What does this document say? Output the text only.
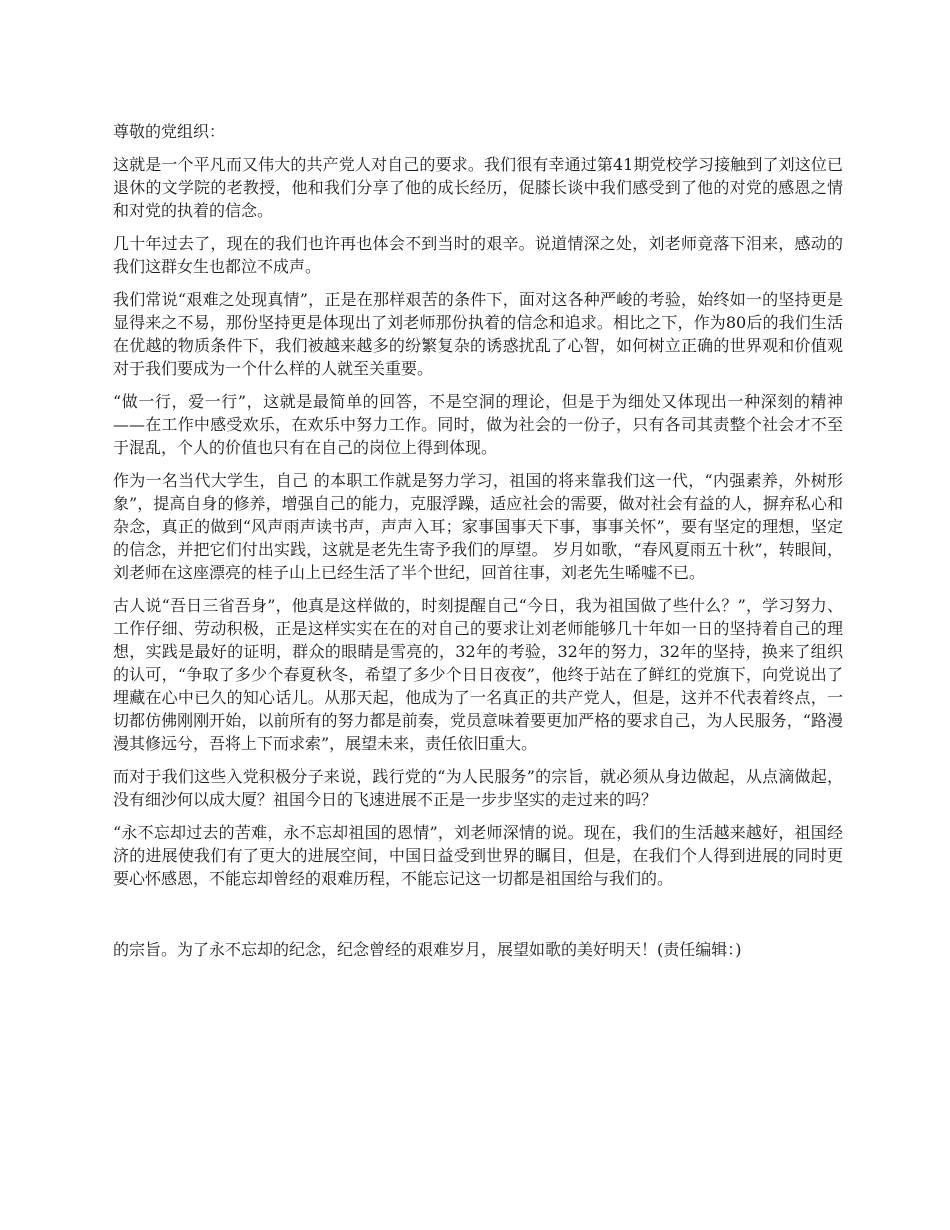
尊敬的党组织：

这就是一个平凡而又伟大的共产党人对自己的要求。我们很有幸通过第41期党校学习接触到了刘这位已退休的文学院的老教授，他和我们分享了他的成长经历，促膝长谈中我们感受到了他的对党的感恩之情和对党的执着的信念。

几十年过去了，现在的我们也许再也体会不到当时的艰辛。说道情深之处，刘老师竟落下泪来，感动的我们这群女生也都泣不成声。

我们常说“艰难之处现真情”，正是在那样艰苦的条件下，面对这各种严峻的考验，始终如一的坚持更是显得来之不易，那份坚持更是体现出了刘老师那份执着的信念和追求。相比之下，作为80后的我们生活在优越的物质条件下，我们被越来越多的纷繁复杂的诱惑扰乱了心智，如何树立正确的世界观和价值观对于我们要成为一个什么样的人就至关重要。

“做一行，爱一行”，这就是最简单的回答，不是空洞的理论，但是于为细处又体现出一种深刻的精神——在工作中感受欢乐，在欢乐中努力工作。同时，做为社会的一份子，只有各司其责整个社会才不至于混乱，个人的价值也只有在自己的岗位上得到体现。

作为一名当代大学生，自己 的本职工作就是努力学习，祖国的将来靠我们这一代，“内强素养，外树形象”，提高自身的修养，增强自己的能力，克服浮躁，适应社会的需要，做对社会有益的人，摒弃私心和杂念，真正的做到“风声雨声读书声，声声入耳；家事国事天下事，事事关怀”，要有坚定的理想，坚定的信念，并把它们付出实践，这就是老先生寄予我们的厚望。 岁月如歌，“春风夏雨五十秋”，转眼间，刘老师在这座漂亮的桂子山上已经生活了半个世纪，回首往事，刘老先生唏嘘不已。

古人说“吾日三省吾身”，他真是这样做的，时刻提醒自己“今日，我为祖国做了些什么？”，学习努力、工作仔细、劳动积极，正是这样实实在在的对自己的要求让刘老师能够几十年如一日的坚持着自己的理想，实践是最好的证明，群众的眼睛是雪亮的，32年的考验，32年的努力，32年的坚持，换来了组织的认可，“争取了多少个春夏秋冬，希望了多少个日日夜夜”，他终于站在了鲜红的党旗下，向党说出了埋藏在心中已久的知心话儿。从那天起，他成为了一名真正的共产党人，但是，这并不代表着终点，一切都仿佛刚刚开始，以前所有的努力都是前奏，党员意味着要更加严格的要求自己，为人民服务，“路漫漫其修远兮，吾将上下而求索”，展望未来，责任依旧重大。

而对于我们这些入党积极分子来说，践行党的“为人民服务”的宗旨，就必须从身边做起，从点滴做起，没有细沙何以成大厦？祖国今日的飞速进展不正是一步步坚实的走过来的吗？

“永不忘却过去的苦难，永不忘却祖国的恩情”，刘老师深情的说。现在，我们的生活越来越好，祖国经济的进展使我们有了更大的进展空间，中国日益受到世界的瞩目，但是，在我们个人得到进展的同时更要心怀感恩，不能忘却曾经的艰难历程，不能忘记这一切都是祖国给与我们的。

的宗旨。为了永不忘却的纪念，纪念曾经的艰难岁月，展望如歌的美好明天！(责任编辑：)
